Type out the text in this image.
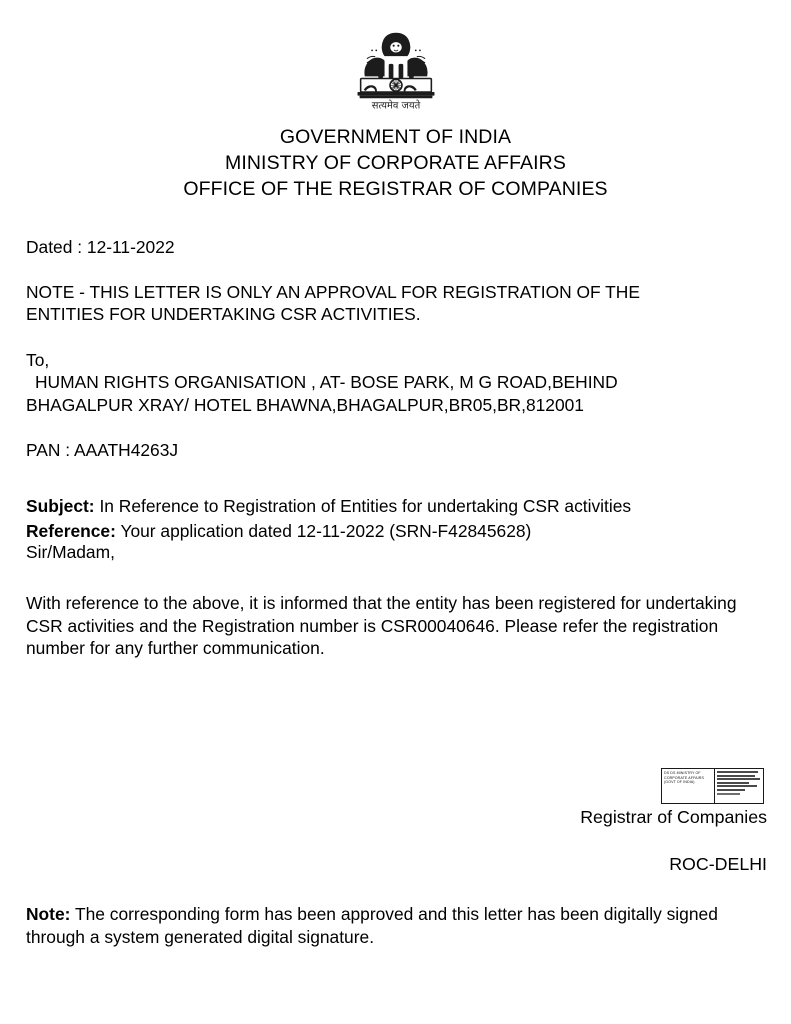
सत्यमेव जयते
GOVERNMENT OF INDIA
MINISTRY OF CORPORATE AFFAIRS
OFFICE OF THE REGISTRAR OF COMPANIES
Dated : 12-11-2022
NOTE - THIS LETTER IS ONLY AN APPROVAL FOR REGISTRATION OF THE ENTITIES FOR UNDERTAKING CSR ACTIVITIES.
To,
HUMAN RIGHTS ORGANISATION , AT- BOSE PARK, M G ROAD,BEHIND
BHAGALPUR XRAY/ HOTEL BHAWNA,BHAGALPUR,BR05,BR,812001
PAN : AAATH4263J
Subject: In Reference to Registration of Entities for undertaking CSR activities
Reference: Your application dated 12-11-2022 (SRN-F42845628)
Sir/Madam,
With reference to the above, it is informed that the entity has been registered for undertaking CSR activities and the Registration number is CSR00040646. Please refer the registration number for any further communication.
DS DS MINISTRY OF CORPORATE AFFAIRS (GOVT OF INDIA)
Registrar of Companies
ROC-DELHI
Note: The corresponding form has been approved and this letter has been digitally signed through a system generated digital signature.
